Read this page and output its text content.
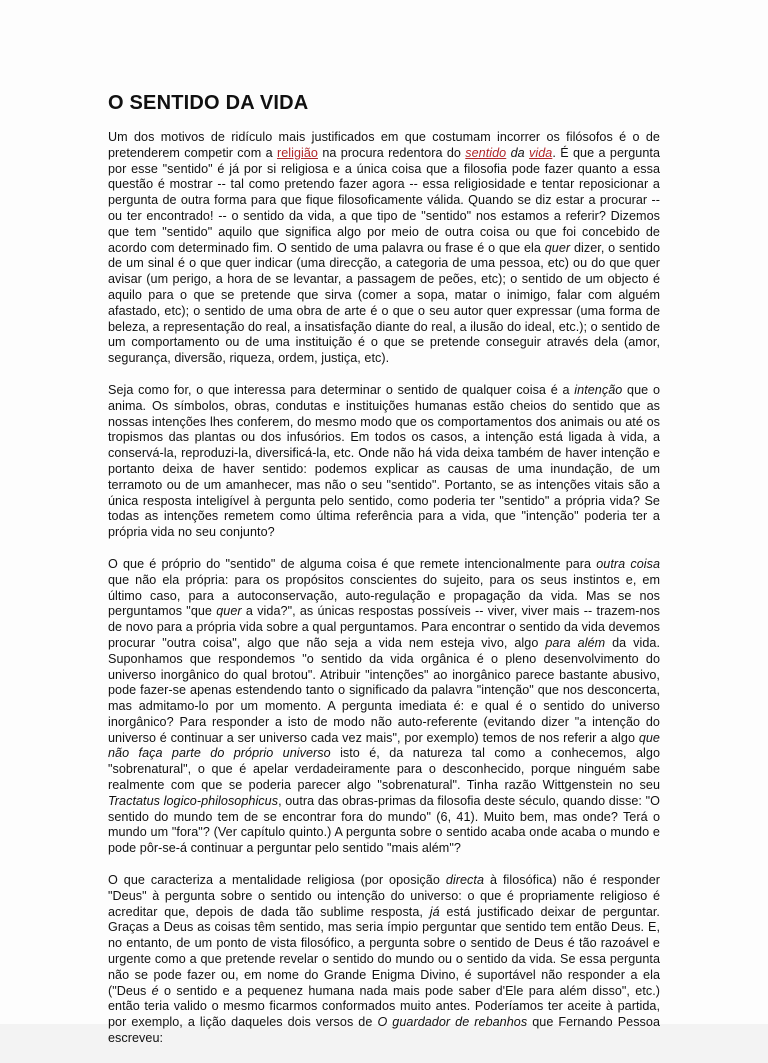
O SENTIDO DA VIDA

Um dos motivos de ridículo mais justificados em que costumam incorrer os filósofos é o de pretenderem competir com a religião na procura redentora do sentido da vida. É que a pergunta por esse "sentido" é já por si religiosa e a única coisa que a filosofia pode fazer quanto a essa questão é mostrar -- tal como pretendo fazer agora -- essa religiosidade e tentar reposicionar a pergunta de outra forma para que fique filosoficamente válida. Quando se diz estar a procurar -- ou ter encontrado! -- o sentido da vida, a que tipo de "sentido" nos estamos a referir? Dizemos que tem "sentido" aquilo que significa algo por meio de outra coisa ou que foi concebido de acordo com determinado fim. O sentido de uma palavra ou frase é o que ela quer dizer, o sentido de um sinal é o que quer indicar (uma direcção, a categoria de uma pessoa, etc) ou do que quer avisar (um perigo, a hora de se levantar, a passagem de peões, etc); o sentido de um objecto é aquilo para o que se pretende que sirva (comer a sopa, matar o inimigo, falar com alguém afastado, etc); o sentido de uma obra de arte é o que o seu autor quer expressar (uma forma de beleza, a representação do real, a insatisfação diante do real, a ilusão do ideal, etc.); o sentido de um comportamento ou de uma instituição é o que se pretende conseguir através dela (amor, segurança, diversão, riqueza, ordem, justiça, etc).

Seja como for, o que interessa para determinar o sentido de qualquer coisa é a intenção que o anima. Os símbolos, obras, condutas e instituições humanas estão cheios do sentido que as nossas intenções lhes conferem, do mesmo modo que os comportamentos dos animais ou até os tropismos das plantas ou dos infusórios. Em todos os casos, a intenção está ligada à vida, a conservá-la, reproduzi-la, diversificá-la, etc. Onde não há vida deixa também de haver intenção e portanto deixa de haver sentido: podemos explicar as causas de uma inundação, de um terramoto ou de um amanhecer, mas não o seu "sentido". Portanto, se as intenções vitais são a única resposta inteligível à pergunta pelo sentido, como poderia ter "sentido" a própria vida? Se todas as intenções remetem como última referência para a vida, que "intenção" poderia ter a própria vida no seu conjunto?

O que é próprio do "sentido" de alguma coisa é que remete intencionalmente para outra coisa que não ela própria: para os propósitos conscientes do sujeito, para os seus instintos e, em último caso, para a autoconservação, auto-regulação e propagação da vida. Mas se nos perguntamos "que quer a vida?", as únicas respostas possíveis -- viver, viver mais -- trazem-nos de novo para a própria vida sobre a qual perguntamos. Para encontrar o sentido da vida devemos procurar "outra coisa", algo que não seja a vida nem esteja vivo, algo para além da vida. Suponhamos que respondemos "o sentido da vida orgânica é o pleno desenvolvimento do universo inorgânico do qual brotou". Atribuir "intenções" ao inorgânico parece bastante abusivo, pode fazer-se apenas estendendo tanto o significado da palavra "intenção" que nos desconcerta, mas admitamo-lo por um momento. A pergunta imediata é: e qual é o sentido do universo inorgânico? Para responder a isto de modo não auto-referente (evitando dizer "a intenção do universo é continuar a ser universo cada vez mais", por exemplo) temos de nos referir a algo que não faça parte do próprio universo isto é, da natureza tal como a conhecemos, algo "sobrenatural", o que é apelar verdadeiramente para o desconhecido, porque ninguém sabe realmente com que se poderia parecer algo "sobrenatural". Tinha razão Wittgenstein no seu Tractatus logico-philosophicus, outra das obras-primas da filosofia deste século, quando disse: "O sentido do mundo tem de se encontrar fora do mundo" (6, 41). Muito bem, mas onde? Terá o mundo um "fora"? (Ver capítulo quinto.) A pergunta sobre o sentido acaba onde acaba o mundo e pode pôr-se-á continuar a perguntar pelo sentido "mais além"?

O que caracteriza a mentalidade religiosa (por oposição directa à filosófica) não é responder "Deus" à pergunta sobre o sentido ou intenção do universo: o que é propriamente religioso é acreditar que, depois de dada tão sublime resposta, já está justificado deixar de perguntar. Graças a Deus as coisas têm sentido, mas seria ímpio perguntar que sentido tem então Deus. E, no entanto, de um ponto de vista filosófico, a pergunta sobre o sentido de Deus é tão razoável e urgente como a que pretende revelar o sentido do mundo ou o sentido da vida. Se essa pergunta não se pode fazer ou, em nome do Grande Enigma Divino, é suportável não responder a ela ("Deus é o sentido e a pequenez humana nada mais pode saber d'Ele para além disso", etc.) então teria valido o mesmo ficarmos conformados muito antes. Poderíamos ter aceite à partida, por exemplo, a lição daqueles dois versos de O guardador de rebanhos que Fernando Pessoa escreveu:
